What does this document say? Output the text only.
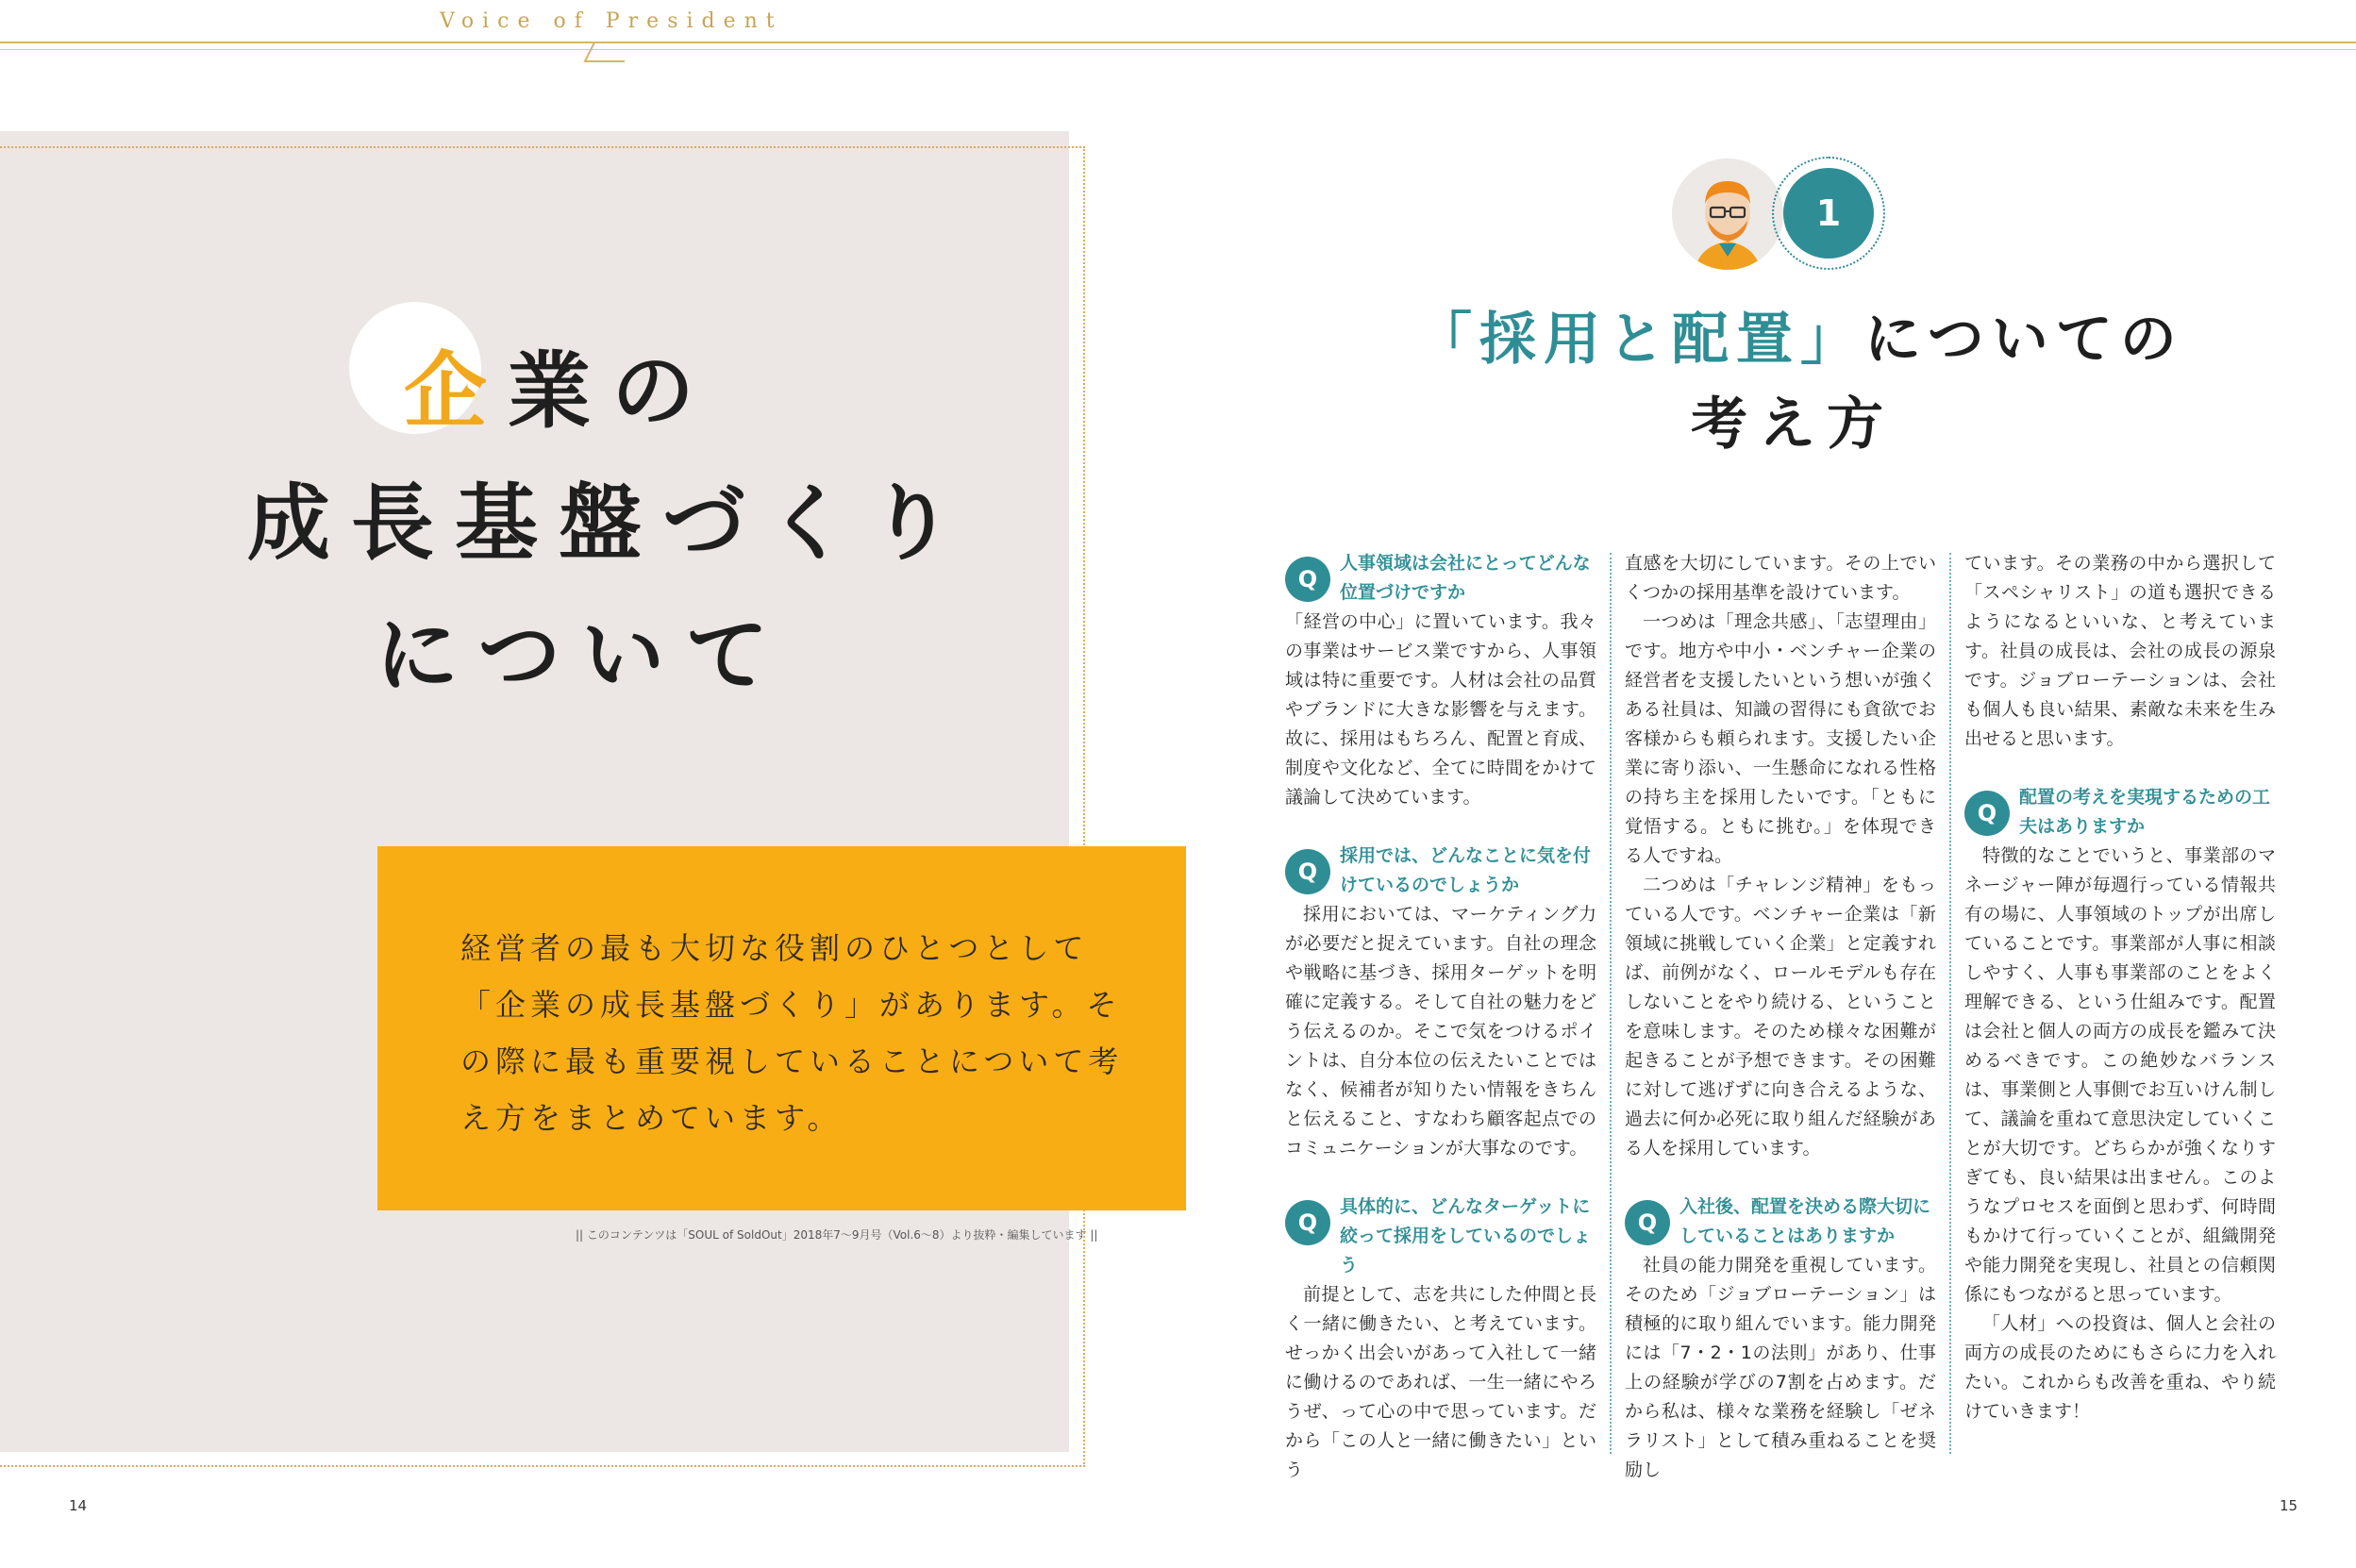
Voice of President
企業の
成長基盤づくり
について
経営者の最も大切な役割のひとつとして「企業の成長基盤づくり」があります。その際に最も重要視していることについて考え方をまとめています。
|| このコンテンツは「SOUL of SoldOut」2018年7〜9月号（Vol.6〜8）より抜粋・編集しています ||
1
「採用と配置」についての
考え方
Q
人事領域は会社にとってどんな位置づけですか

「経営の中心」に置いています。我々の事業はサービス業ですから、人事領域は特に重要です。人材は会社の品質やブランドに大きな影響を与えます。故に、採用はもちろん、配置と育成、制度や文化など、全てに時間をかけて議論して決めています。

Q
採用では、どんなことに気を付けているのでしょうか

採用においては、マーケティング力が必要だと捉えています。自社の理念や戦略に基づき、採用ターゲットを明確に定義する。そして自社の魅力をどう伝えるのか。そこで気をつけるポイントは、自分本位の伝えたいことではなく、候補者が知りたい情報をきちんと伝えること、すなわち顧客起点でのコミュニケーションが大事なのです。

Q
具体的に、どんなターゲットに絞って採用をしているのでしょう

前提として、志を共にした仲間と長く一緒に働きたい、と考えています。せっかく出会いがあって入社して一緒に働けるのであれば、一生一緒にやろうぜ、って心の中で思っています。だから「この人と一緒に働きたい」という

直感を大切にしています。その上でいくつかの採用基準を設けています。

一つめは「理念共感」、「志望理由」です。地方や中小・ベンチャー企業の経営者を支援したいという想いが強くある社員は、知識の習得にも貪欲でお客様からも頼られます。支援したい企業に寄り添い、一生懸命になれる性格の持ち主を採用したいです。「ともに覚悟する。ともに挑む。」を体現できる人ですね。

二つめは「チャレンジ精神」をもっている人です。ベンチャー企業は「新領域に挑戦していく企業」と定義すれば、前例がなく、ロールモデルも存在しないことをやり続ける、ということを意味します。そのため様々な困難が起きることが予想できます。その困難に対して逃げずに向き合えるような、過去に何か必死に取り組んだ経験がある人を採用しています。

Q
入社後、配置を決める際大切にしていることはありますか

社員の能力開発を重視しています。そのため「ジョブローテーション」は積極的に取り組んでいます。能力開発には「7・2・1の法則」があり、仕事上の経験が学びの7割を占めます。だから私は、様々な業務を経験し「ゼネラリスト」として積み重ねることを奨励し

ています。その業務の中から選択して「スペシャリスト」の道も選択できるようになるといいな、と考えています。社員の成長は、会社の成長の源泉です。ジョブローテーションは、会社も個人も良い結果、素敵な未来を生み出せると思います。

Q
配置の考えを実現するための工夫はありますか

特徴的なことでいうと、事業部のマネージャー陣が毎週行っている情報共有の場に、人事領域のトップが出席していることです。事業部が人事に相談しやすく、人事も事業部のことをよく理解できる、という仕組みです。配置は会社と個人の両方の成長を鑑みて決めるべきです。この絶妙なバランスは、事業側と人事側でお互いけん制して、議論を重ねて意思決定していくことが大切です。どちらかが強くなりすぎても、良い結果は出ません。このようなプロセスを面倒と思わず、何時間もかけて行っていくことが、組織開発や能力開発を実現し、社員との信頼関係にもつながると思っています。

「人材」への投資は、個人と会社の両方の成長のためにもさらに力を入れたい。これからも改善を重ね、やり続けていきます！

14	15
